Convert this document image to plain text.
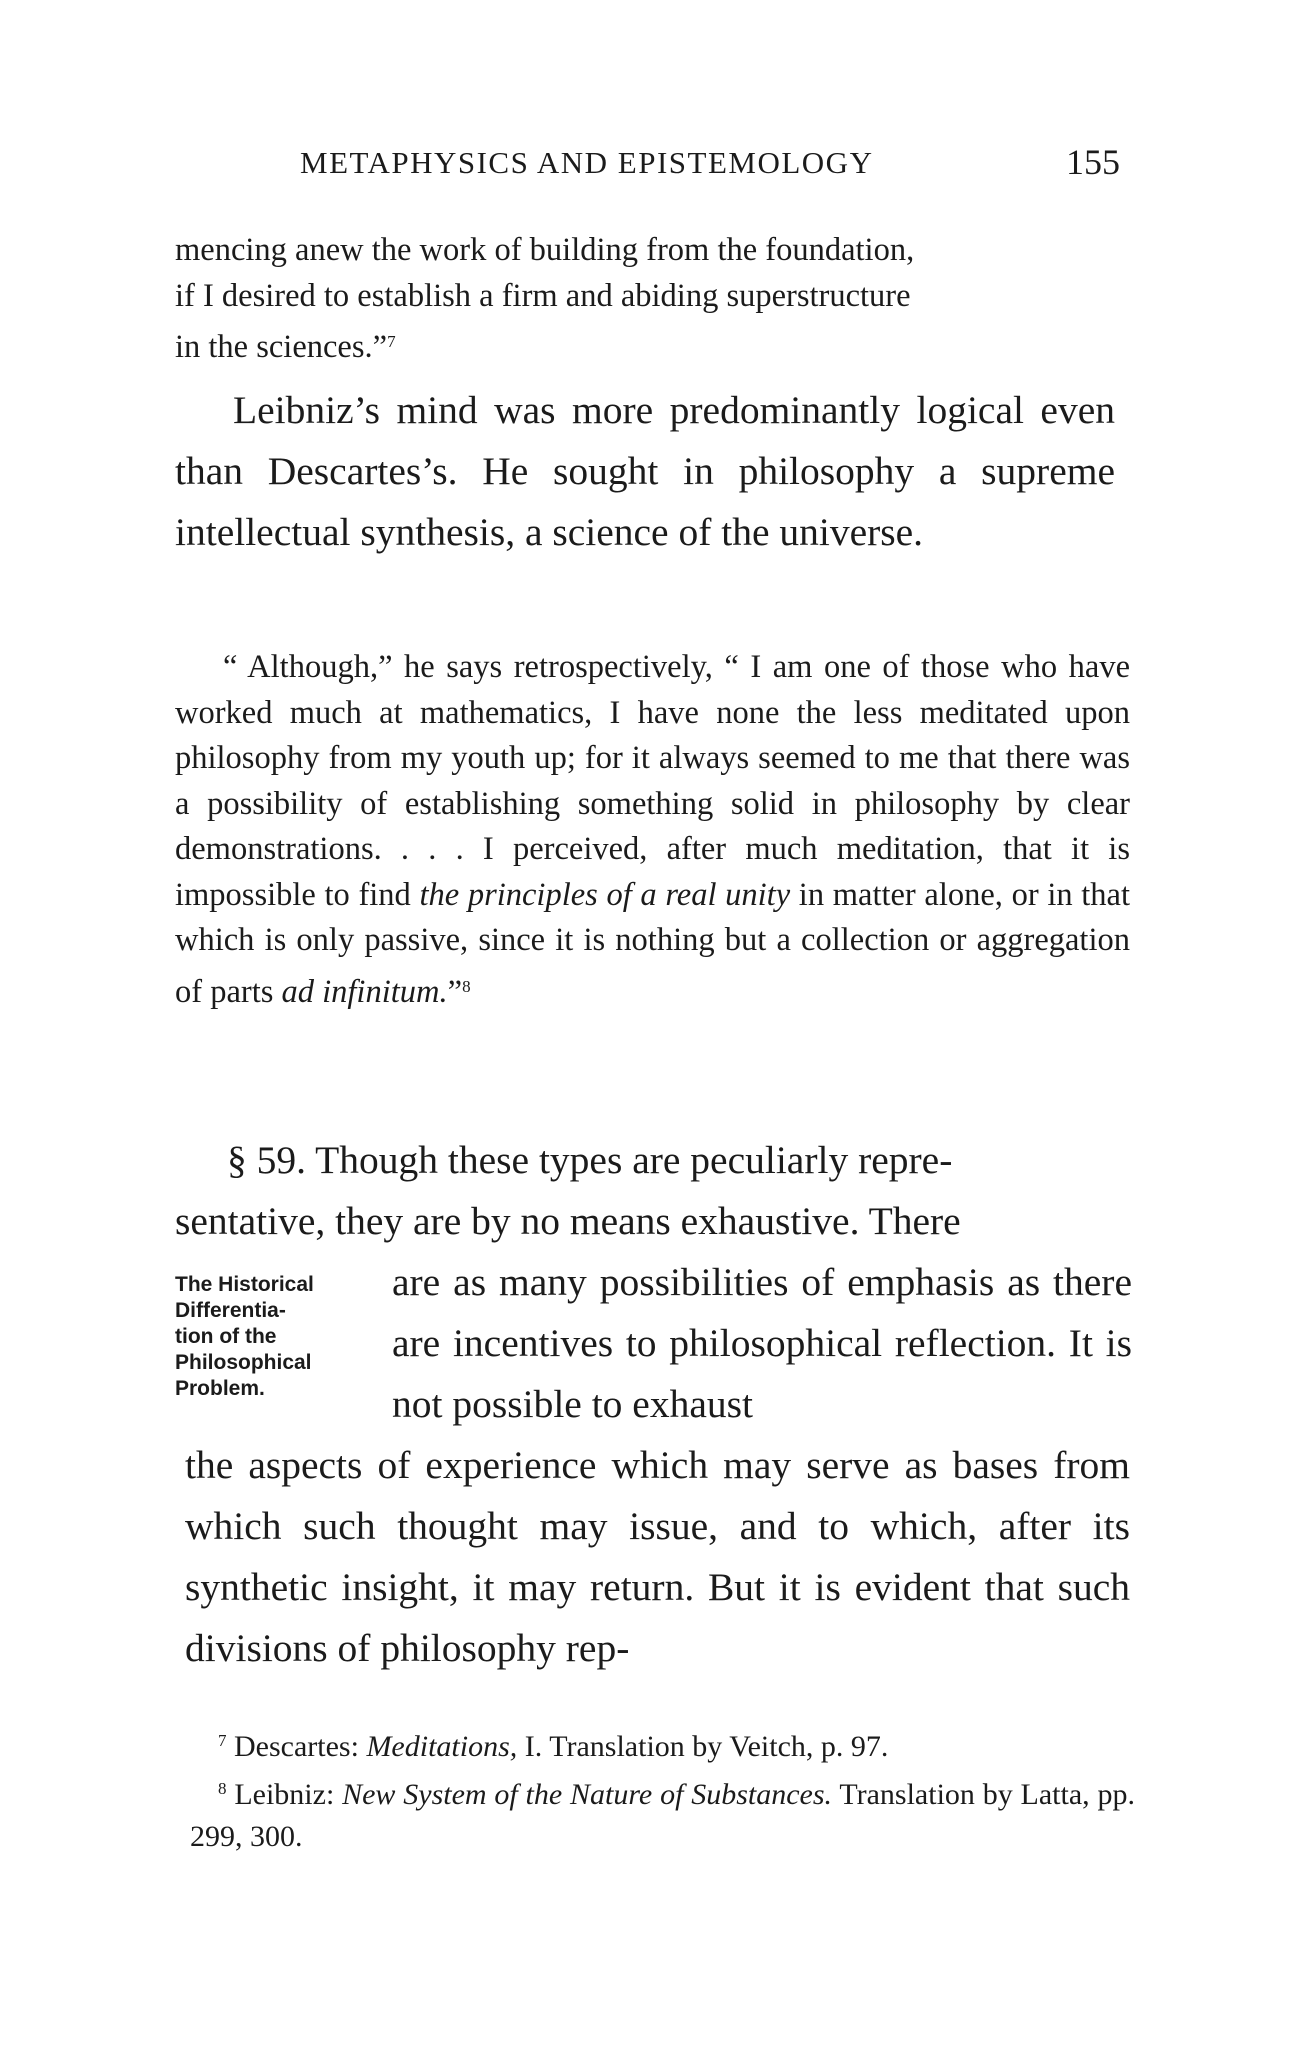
METAPHYSICS AND EPISTEMOLOGY	155

mencing anew the work of building from the foundation,
if I desired to establish a firm and abiding superstructure
in the sciences.”$^7$

Leibniz’s mind was more predominantly logical even than Descartes’s. He sought in philosophy a supreme intellectual synthesis, a science of the universe.

“ Although,” he says retrospectively, “ I am one of those who have worked much at mathematics, I have none the less meditated upon philosophy from my youth up; for it always seemed to me that there was a possibility of establishing something solid in philosophy by clear demonstrations. . . . I perceived, after much meditation, that it is impossible to find the principles of a real unity in matter alone, or in that which is only passive, since it is nothing but a collection or aggregation of parts ad infinitum.”$^8$

§ 59. Though these types are peculiarly repre-
sentative, they are by no means exhaustive. There

The Historical
Differentia-
tion of the
Philosophical
Problem.

are as many possibilities of emphasis as there are incentives to philosophical reflection. It is not possible to exhaust

the aspects of experience which may serve as bases from which such thought may issue, and to which, after its synthetic insight, it may return. But it is evident that such divisions of philosophy rep-

$^7$ Descartes: Meditations, I. Translation by Veitch, p. 97.

$^8$ Leibniz: New System of the Nature of Substances. Translation by Latta, pp. 299, 300.
